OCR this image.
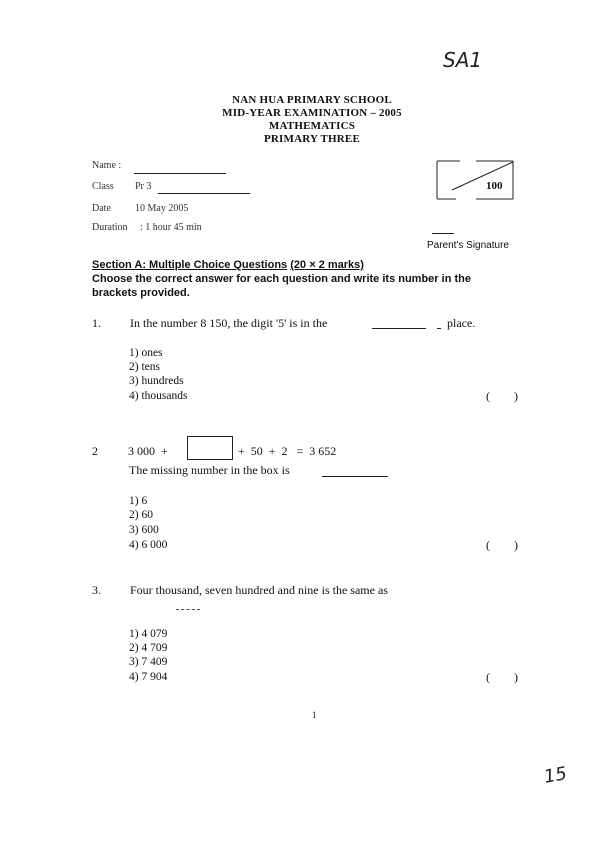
SA1
NAN HUA PRIMARY SCHOOL
MID-YEAR EXAMINATION – 2005
MATHEMATICS
PRIMARY THREE
Name :
Class Pr 3
Date 10 May 2005
Duration : 1 hour 45 min
100
Parent's Signature
Section A: Multiple Choice Questions (20 × 2 marks)
Choose the correct answer for each question and write its number in the
brackets provided.
1. In the number 8 150, the digit '5' is in the	place.
1) ones
2) tens
3) hundreds
4) thousands	(        )
2	3 000  +	+  50  +  2   =  3 652
The missing number in the box is
1) 6
2) 60
3) 600
4) 6 000	(        )
3. Four thousand, seven hundred and nine is the same as
1) 4 079
2) 4 709
3) 7 409
4) 7 904	(        )
1
15
